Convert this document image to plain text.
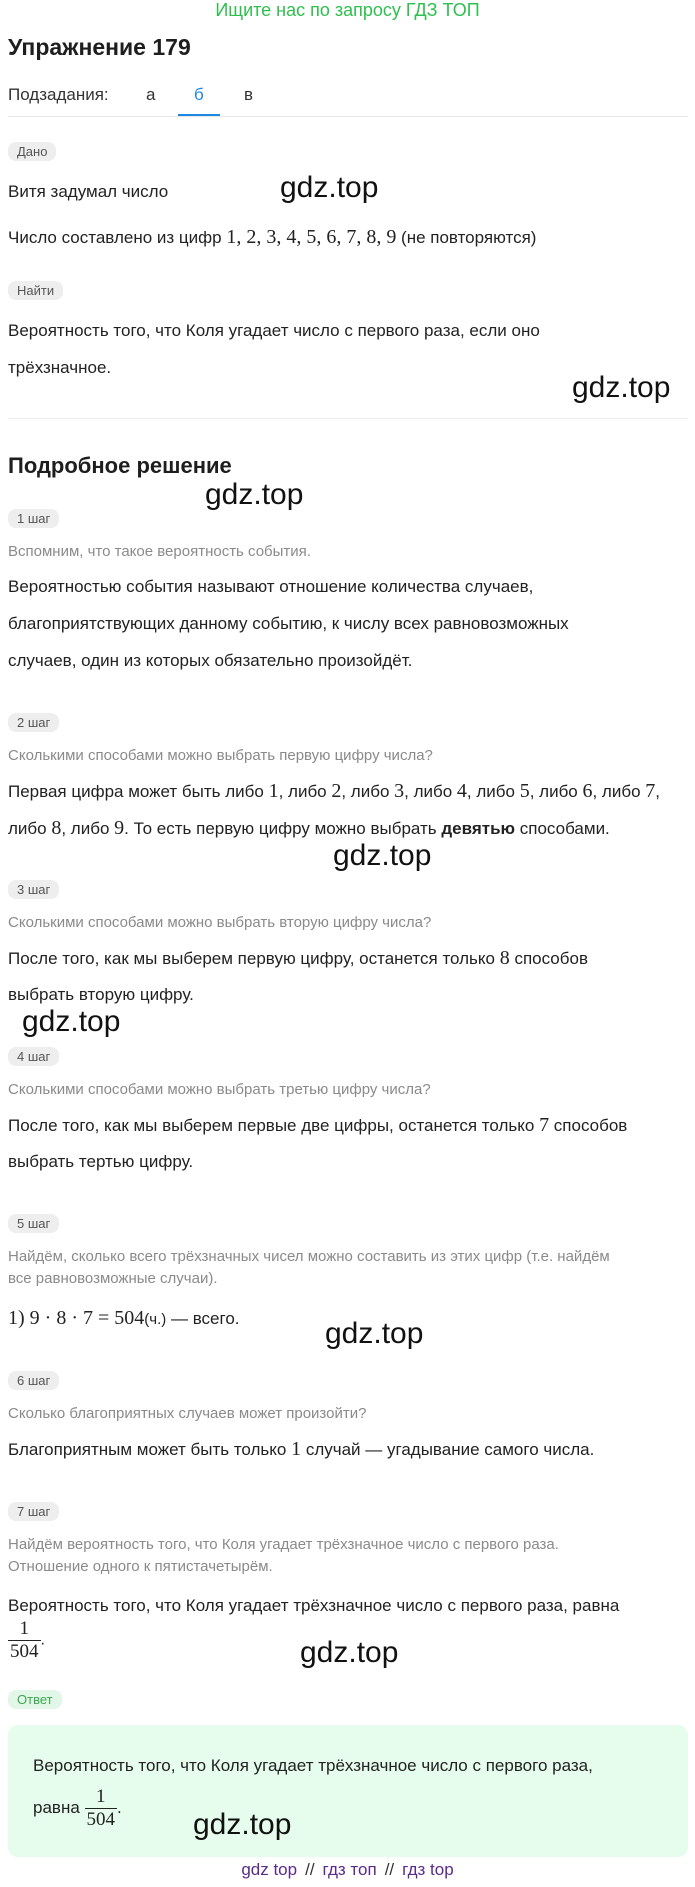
Ищите нас по запросу ГДЗ ТОП
Упражнение 179
Подзадания: а б в
Дано
Витя задумал число
Число составлено из цифр 1, 2, 3, 4, 5, 6, 7, 8, 9 (не повторяются)
Найти
Вероятность того, что Коля угадает число с первого раза, если оно
трёхзначное.
Подробное решение
1 шаг
Вспомним, что такое вероятность события.
Вероятностью события называют отношение количества случаев,
благоприятствующих данному событию, к числу всех равновозможных
случаев, один из которых обязательно произойдёт.
2 шаг
Сколькими способами можно выбрать первую цифру числа?
Первая цифра может быть либо 1, либо 2, либо 3, либо 4, либо 5, либо 6, либо 7,
либо 8, либо 9. То есть первую цифру можно выбрать девятью способами.
3 шаг
Сколькими способами можно выбрать вторую цифру числа?
После того, как мы выберем первую цифру, останется только 8 способов
выбрать вторую цифру.
4 шаг
Сколькими способами можно выбрать третью цифру числа?
После того, как мы выберем первые две цифры, останется только 7 способов
выбрать тертью цифру.
5 шаг
Найдём, сколько всего трёхзначных чисел можно составить из этих цифр (т.е. найдём
все равновозможные случаи).
1) 9 · 8 · 7 = 504(ч.) — всего.
6 шаг
Сколько благоприятных случаев может произойти?
Благоприятным может быть только 1 случай — угадывание самого числа.
7 шаг
Найдём вероятность того, что Коля угадает трёхзначное число с первого раза.
Отношение одного к пятистачетырём.
Вероятность того, что Коля угадает трёхзначное число с первого раза, равна
$\frac{1}{504}$ .
Ответ
Вероятность того, что Коля угадает трёхзначное число с первого раза,
равна $\frac{1}{504}$ .
gdz.top
gdz.top
gdz.top
gdz.top
gdz.top
gdz.top
gdz.top
gdz.top
gdz top // гдз топ // гдз top
